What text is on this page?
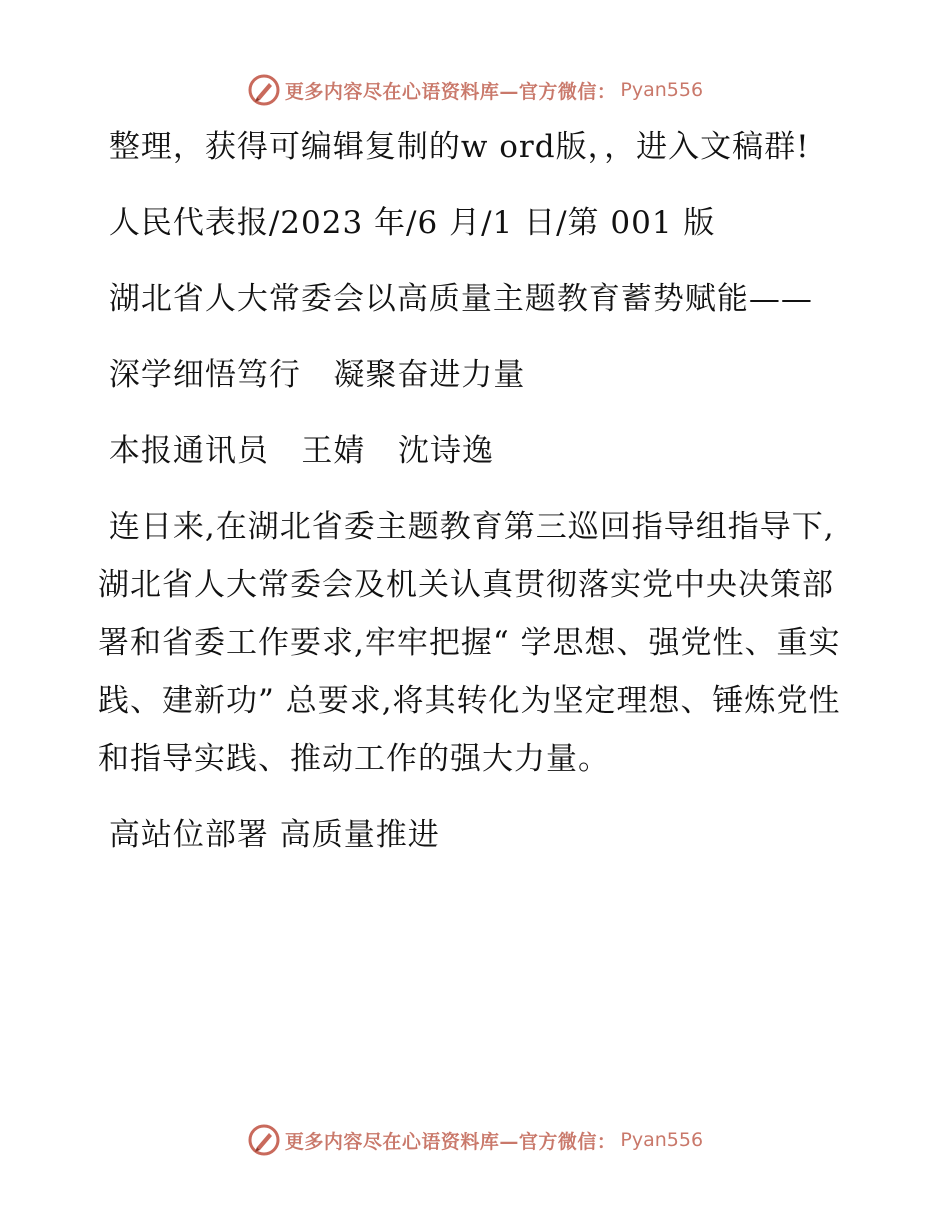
更多内容尽在心语资料库—官方微信： Pyan556

整理，获得可编辑复制的w ord版，，进入文稿群!

人民代表报/2023 年/6 月/1 日/第 001 版

湖北省人大常委会以高质量主题教育蓄势赋能——

深学细悟笃行   凝聚奋进力量

本报通讯员   王婧   沈诗逸

连日来,在湖北省委主题教育第三巡回指导组指导下,湖北省人大常委会及机关认真贯彻落实党中央决策部署和省委工作要求,牢牢把握“ 学思想、强党性、重实践、建新功” 总要求,将其转化为坚定理想、锤炼党性和指导实践、推动工作的强大力量。

高站位部署 高质量推进

更多内容尽在心语资料库—官方微信： Pyan556
